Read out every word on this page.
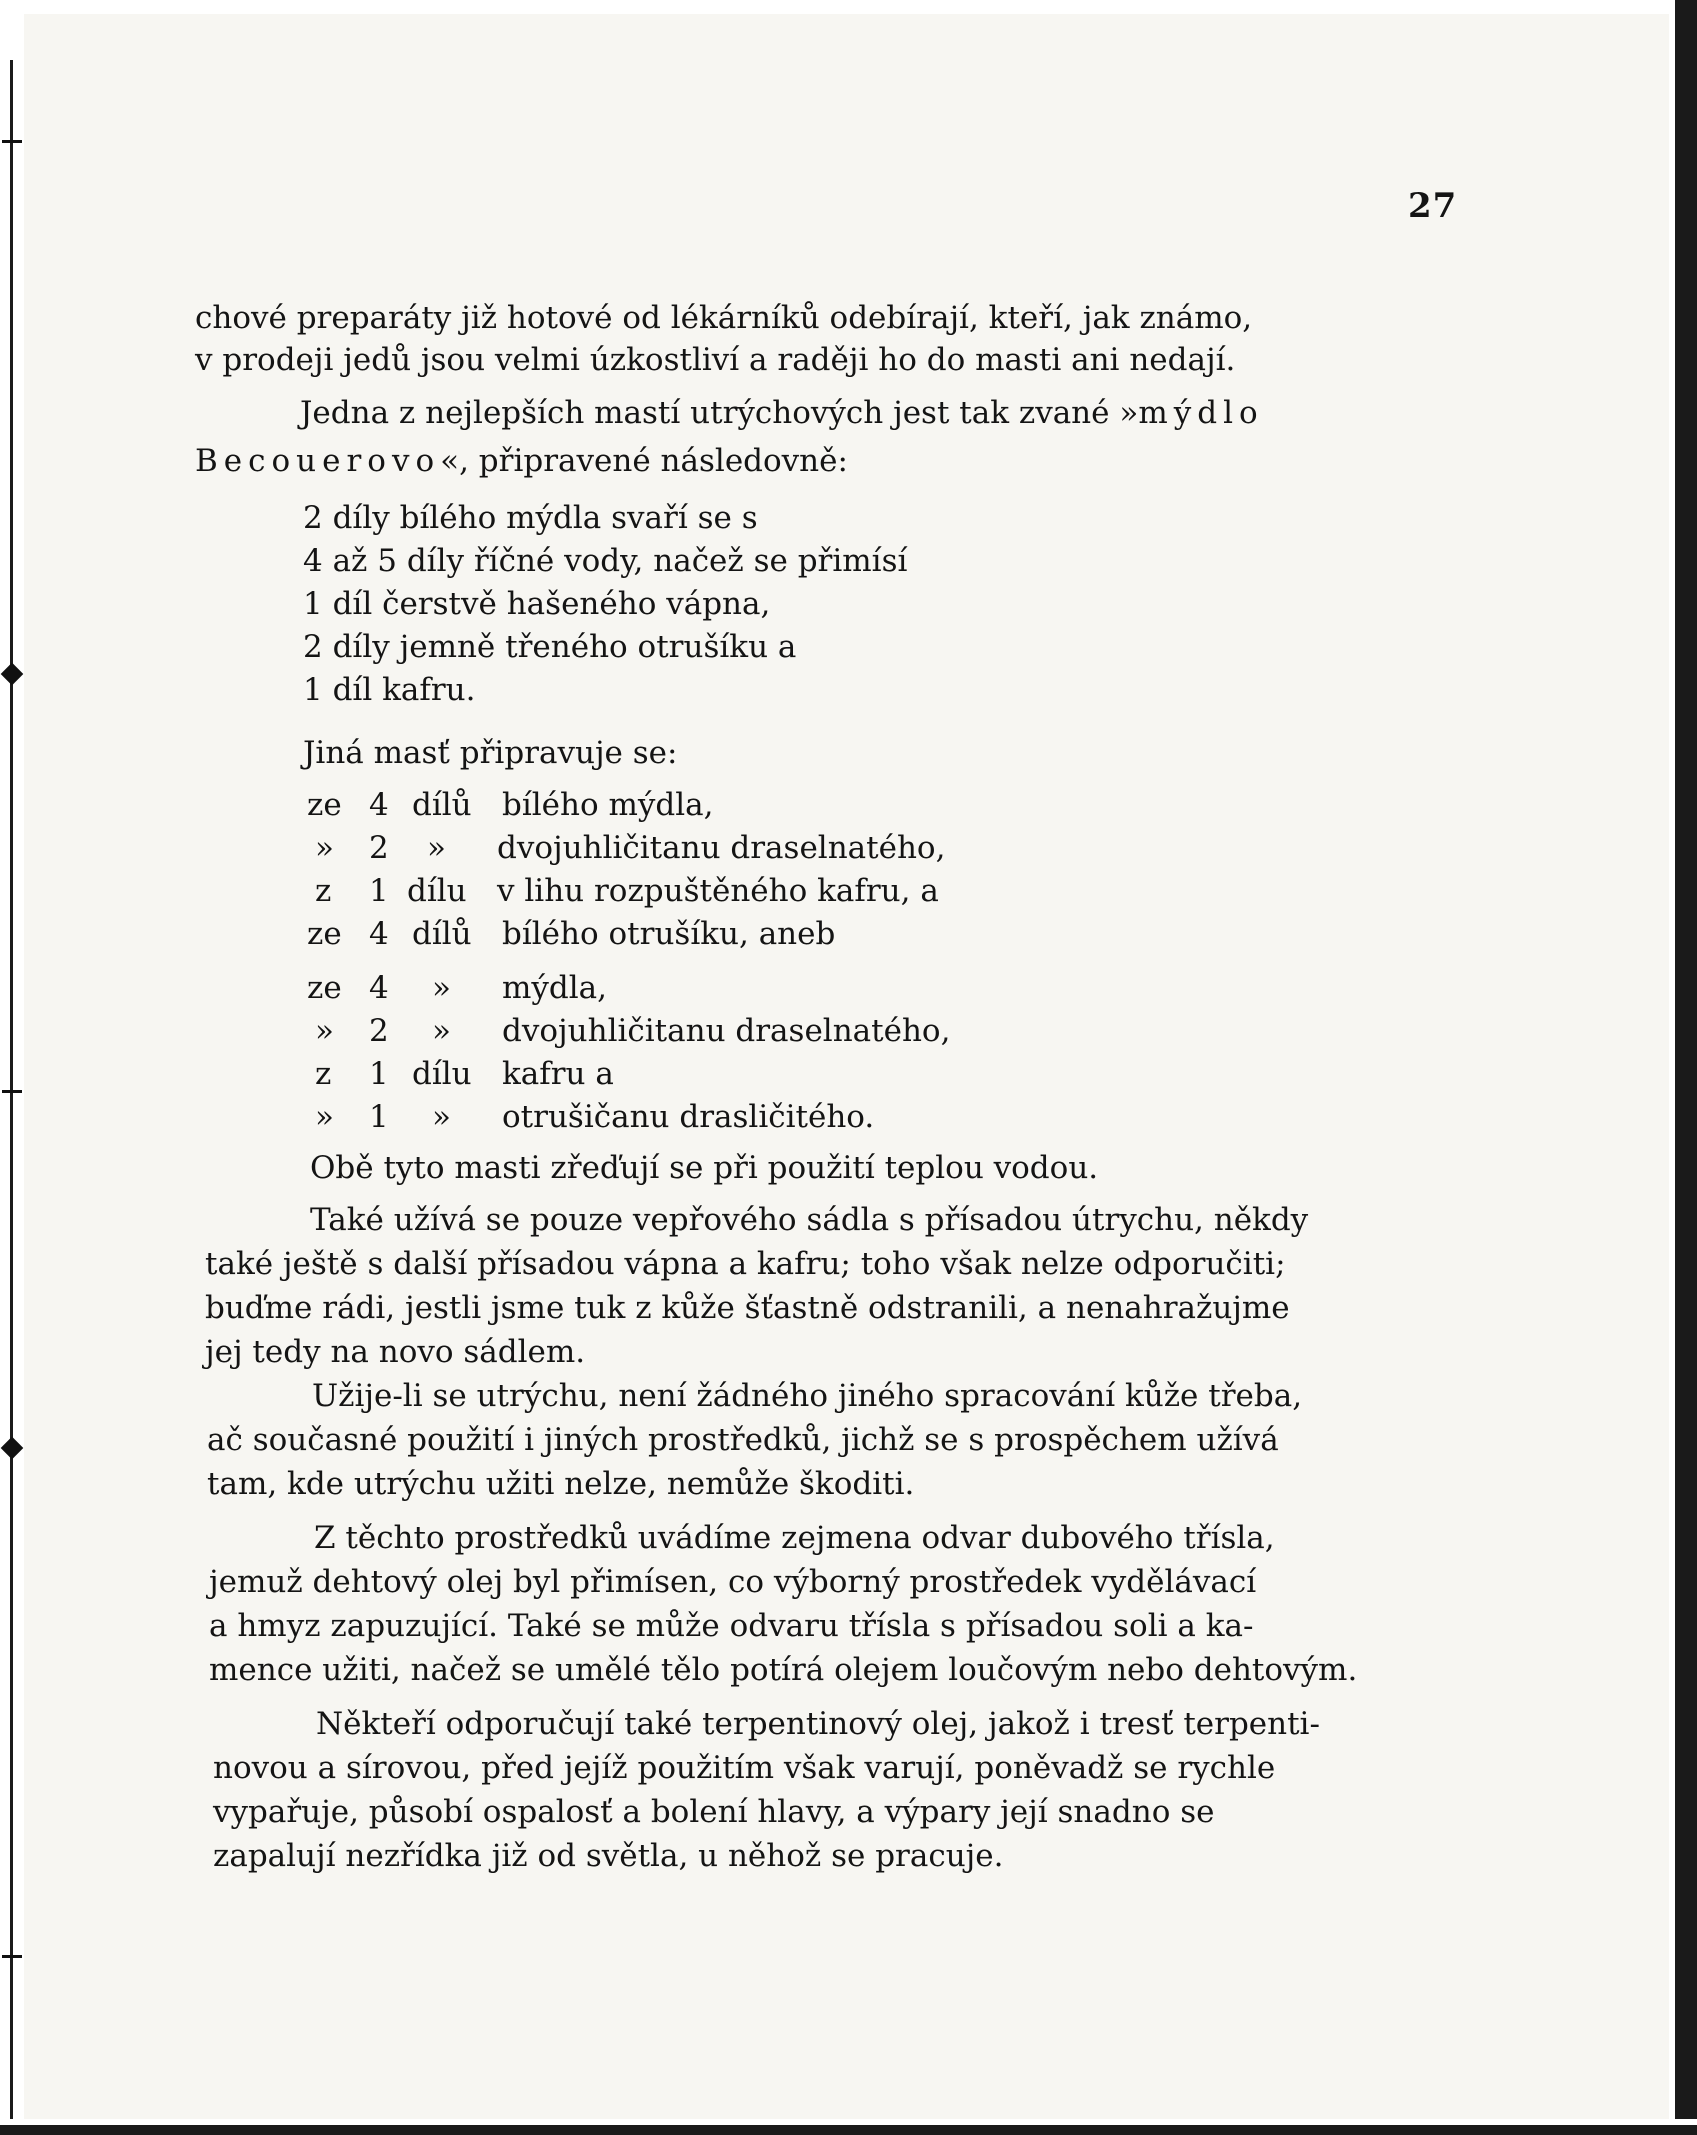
27
chové preparáty již hotové od lékárníků odebírají, kteří, jak známo,
v prodeji jedů jsou velmi úzkostliví a raději ho do masti ani nedají.
Jedna z nejlepších mastí utrýchových jest tak zvané »mýdlo
Becouerovo«, připravené následovně:
2 díly bílého mýdla svaří se s
4 až 5 díly říčné vody, načež se přimísí
1 díl čerstvě hašeného vápna,
2 díly jemně třeného otrušíku a
1 díl kafru.
Jiná masť připravuje se:
ze 4 dílů bílého mýdla,
» 2 » dvojuhličitanu draselnatého,
z 1 dílu v lihu rozpuštěného kafru, a
ze 4 dílů bílého otrušíku, aneb
ze 4 » mýdla,
» 2 » dvojuhličitanu draselnatého,
z 1 dílu kafru a
» 1 » otrušičanu drasličitého.
Obě tyto masti zřeďují se při použití teplou vodou.
Také užívá se pouze vepřového sádla s přísadou útrychu, někdy
také ještě s další přísadou vápna a kafru; toho však nelze odporučiti;
buďme rádi, jestli jsme tuk z kůže šťastně odstranili, a nenahražujme
jej tedy na novo sádlem.
Užije-li se utrýchu, není žádného jiného spracování kůže třeba,
ač současné použití i jiných prostředků, jichž se s prospěchem užívá
tam, kde utrýchu užiti nelze, nemůže škoditi.
Z těchto prostředků uvádíme zejmena odvar dubového třísla,
jemuž dehtový olej byl přimísen, co výborný prostředek vydělávací
a hmyz zapuzující. Také se může odvaru třísla s přísadou soli a ka-
mence užiti, načež se umělé tělo potírá olejem loučovým nebo dehtovým.
Někteří odporučují také terpentinový olej, jakož i tresť terpenti-
novou a sírovou, před jejíž použitím však varují, poněvadž se rychle
vypařuje, působí ospalosť a bolení hlavy, a výpary její snadno se
zapalují nezřídka již od světla, u něhož se pracuje.
